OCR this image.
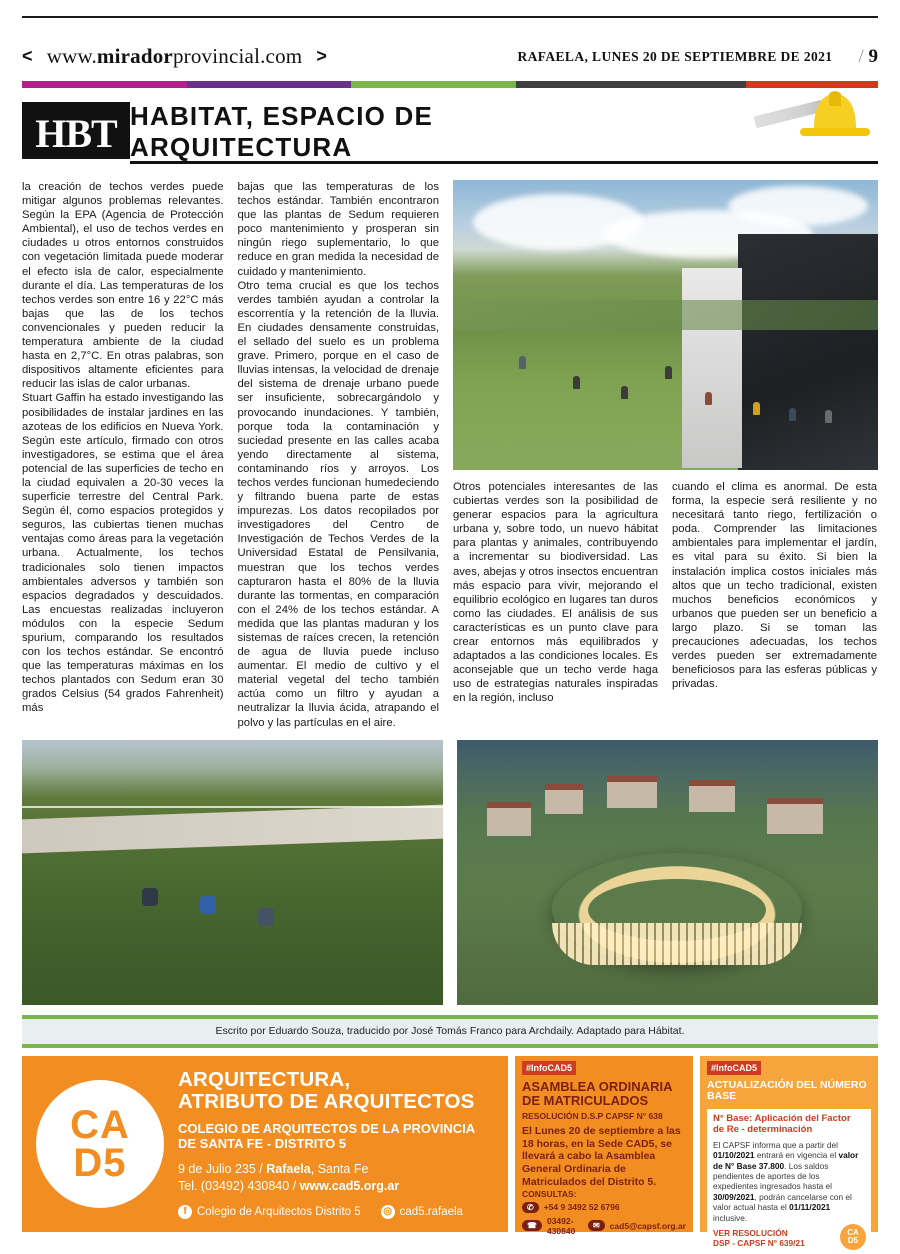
< www.miradorprovincial.com >	RAFAELA, LUNES 20 DE SEPTIEMBRE DE 2021 / 9
HBT HABITAT, ESPACIO DE ARQUITECTURA

la creación de techos verdes puede mitigar algunos problemas relevantes. Según la EPA (Agencia de Protección Ambiental), el uso de techos verdes en ciudades u otros entornos construidos con vegetación limitada puede moderar el efecto isla de calor, especialmente durante el día. Las temperaturas de los techos verdes son entre 16 y 22°C más bajas que las de los techos convencionales y pueden reducir la temperatura ambiente de la ciudad hasta en 2,7°C. En otras palabras, son dispositivos altamente eficientes para reducir las islas de calor urbanas.

Stuart Gaffin ha estado investigando las posibilidades de instalar jardines en las azoteas de los edificios en Nueva York. Según este artículo, firmado con otros investigadores, se estima que el área potencial de las superficies de techo en la ciudad equivalen a 20-30 veces la superficie terrestre del Central Park. Según él, como espacios protegidos y seguros, las cubiertas tienen muchas ventajas como áreas para la vegetación urbana. Actualmente, los techos tradicionales solo tienen impactos ambientales adversos y también son espacios degradados y descuidados. Las encuestas realizadas incluyeron módulos con la especie Sedum spurium, comparando los resultados con los techos estándar. Se encontró que las temperaturas máximas en los techos plantados con Sedum eran 30 grados Celsius (54 grados Fahrenheit) más

bajas que las temperaturas de los techos estándar. También encontraron que las plantas de Sedum requieren poco mantenimiento y prosperan sin ningún riego suplementario, lo que reduce en gran medida la necesidad de cuidado y mantenimiento.

Otro tema crucial es que los techos verdes también ayudan a controlar la escorrentía y la retención de la lluvia. En ciudades densamente construidas, el sellado del suelo es un problema grave. Primero, porque en el caso de lluvias intensas, la velocidad de drenaje del sistema de drenaje urbano puede ser insuficiente, sobrecargándolo y provocando inundaciones. Y también, porque toda la contaminación y suciedad presente en las calles acaba yendo directamente al sistema, contaminando ríos y arroyos. Los techos verdes funcionan humedeciendo y filtrando buena parte de estas impurezas. Los datos recopilados por investigadores del Centro de Investigación de Techos Verdes de la Universidad Estatal de Pensilvania, muestran que los techos verdes capturaron hasta el 80% de la lluvia durante las tormentas, en comparación con el 24% de los techos estándar. A medida que las plantas maduran y los sistemas de raíces crecen, la retención de agua de lluvia puede incluso aumentar. El medio de cultivo y el material vegetal del techo también actúa como un filtro y ayudan a neutralizar la lluvia ácida, atrapando el polvo y las partículas en el aire.

Otros potenciales interesantes de las cubiertas verdes son la posibilidad de generar espacios para la agricultura urbana y, sobre todo, un nuevo hábitat para plantas y animales, contribuyendo a incrementar su biodiversidad. Las aves, abejas y otros insectos encuentran más espacio para vivir, mejorando el equilibrio ecológico en lugares tan duros como las ciudades. El análisis de sus características es un punto clave para crear entornos más equilibrados y adaptados a las condiciones locales. Es aconsejable que un techo verde haga uso de estrategias naturales inspiradas en la región, incluso

cuando el clima es anormal. De esta forma, la especie será resiliente y no necesitará tanto riego, fertilización o poda. Comprender las limitaciones ambientales para implementar el jardín, es vital para su éxito. Si bien la instalación implica costos iniciales más altos que un techo tradicional, existen muchos beneficios económicos y urbanos que pueden ser un beneficio a largo plazo. Si se toman las precauciones adecuadas, los techos verdes pueden ser extremadamente beneficiosos para las esferas públicas y privadas.

Escrito por Eduardo Souza, traducido por José Tomás Franco para Archdaily. Adaptado para Hábitat.
CA
D5
ARQUITECTURA,
ATRIBUTO DE ARQUITECTOS
COLEGIO DE ARQUITECTOS DE LA PROVINCIA
DE SANTA FE - DISTRITO 5
9 de Julio 235 / Rafaela, Santa Fe
Tel. (03492) 430840 / www.cad5.org.ar
f Colegio de Arquitectos Distrito 5 ◎ cad5.rafaela
#InfoCAD5
ASAMBLEA ORDINARIA
DE MATRICULADOS
RESOLUCIÓN D.S.P CAPSF N° 638

El Lunes 20 de septiembre a las 18 horas, en la Sede CAD5, se llevará a cabo la Asamblea General Ordinaria de Matriculados del Distrito 5.

CONSULTAS:
✆	+54 9 3492 52 6796
☎	03492-430840	✉	cad5@capsf.org.ar
#InfoCAD5
ACTUALIZACIÓN DEL NÚMERO BASE
N° Base: Aplicación del Factor
de Re - determinación
El CAPSF informa que a partir del 01/10/2021 entrará en vigencia el valor de N° Base 37.800. Los saldos pendientes de aportes de los expedientes ingresados hasta el 30/09/2021, podrán cancelarse con el valor actual hasta el 01/11/2021 inclusive.
VER RESOLUCIÓN
DSP - CAPSF N° 639/21
CA
D5
